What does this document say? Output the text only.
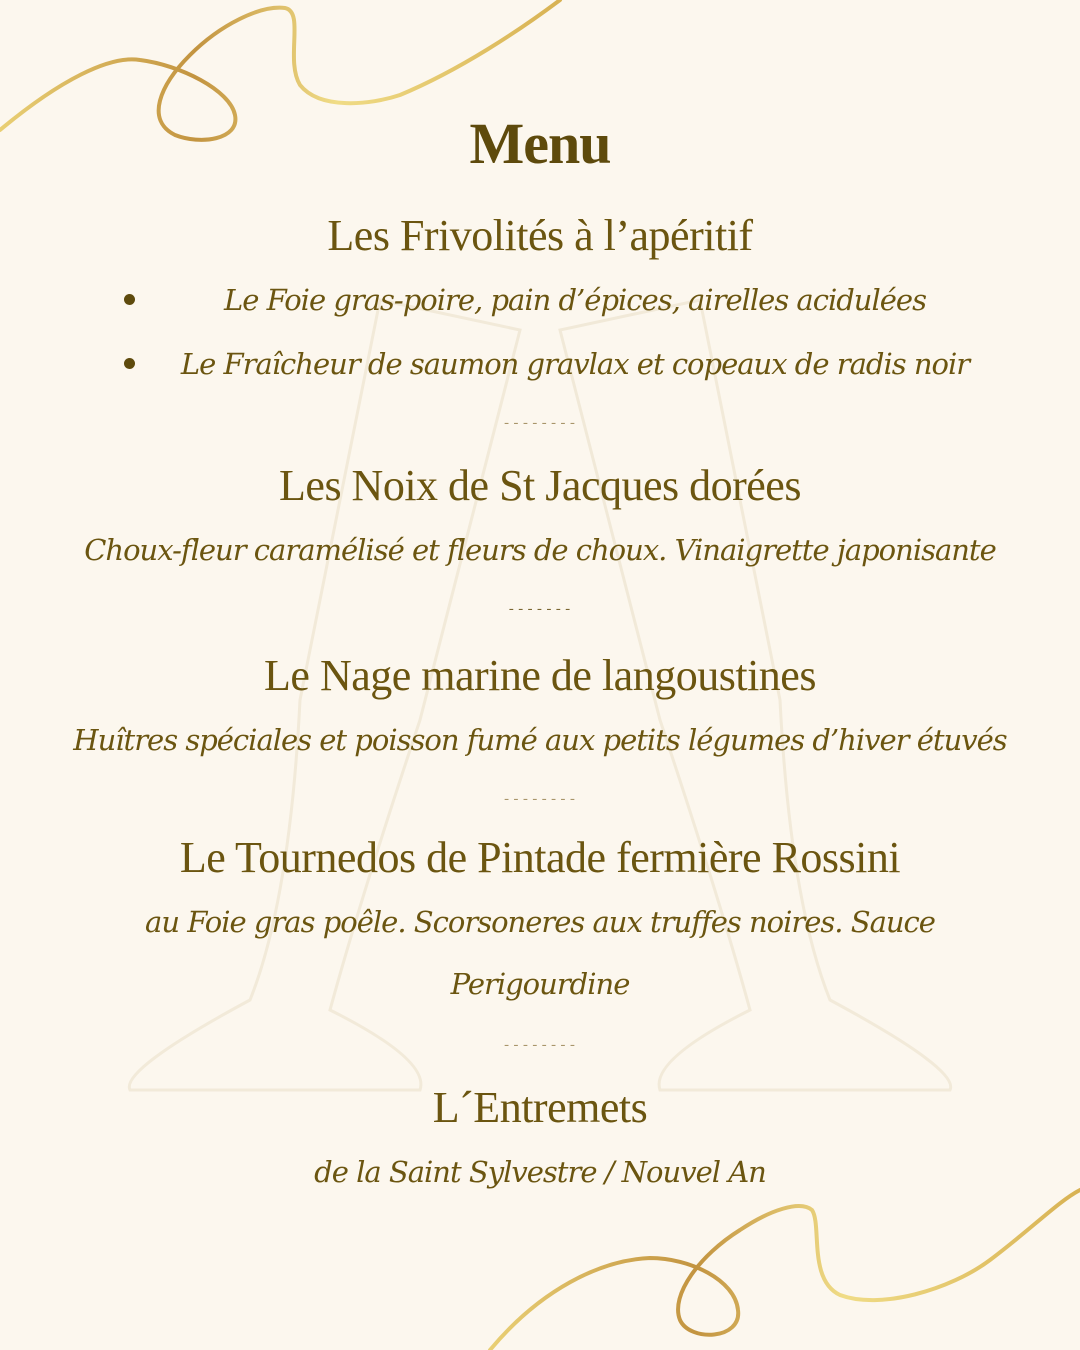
Menu
Les Frivolités à l’apéritif
Le Foie gras-poire, pain d’épices, airelles acidulées
Le Fraîcheur de saumon gravlax et copeaux de radis noir
--------
Les Noix de St Jacques dorées
Choux-fleur caramélisé et fleurs de choux. Vinaigrette japonisante
-------
Le Nage marine de langoustines
Huîtres spéciales et poisson fumé aux petits légumes d’hiver étuvés
--------
Le Tournedos de Pintade fermière Rossini
au Foie gras poêle. Scorsoneres aux truffes noires. Sauce
Perigourdine
--------
L´Entremets
de la Saint Sylvestre / Nouvel An
